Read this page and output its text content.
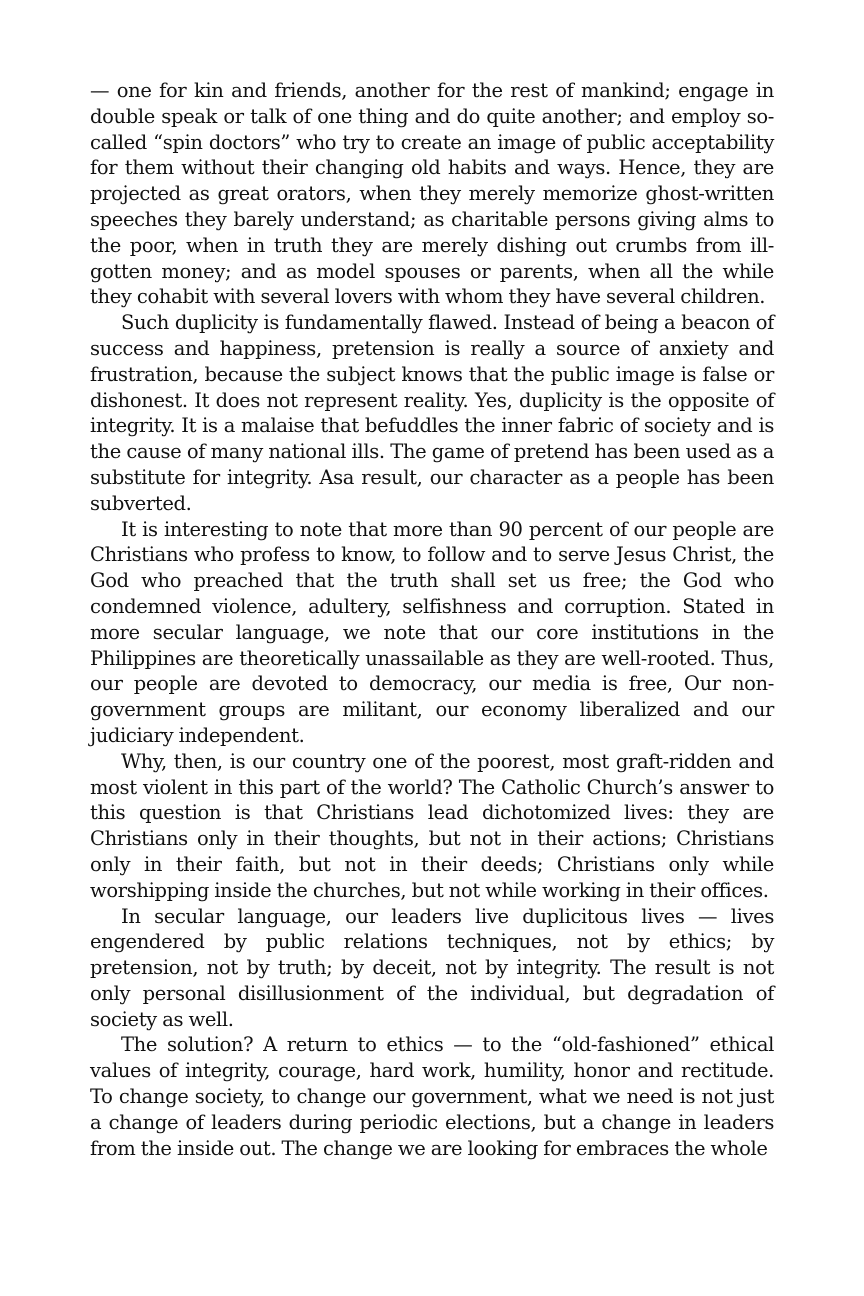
— one for kin and friends, another for the rest of mankind; engage in double speak or talk of one thing and do quite another; and employ so-called “spin doctors” who try to create an image of public acceptability for them without their changing old habits and ways. Hence, they are projected as great orators, when they merely memorize ghost-written speeches they barely understand; as charitable persons giving alms to the poor, when in truth they are merely dishing out crumbs from ill-gotten money; and as model spouses or parents, when all the while they cohabit with several lovers with whom they have several children.

Such duplicity is fundamentally flawed. Instead of being a beacon of success and happiness, pretension is really a source of anxiety and frustration, because the subject knows that the public image is false or dishonest. It does not represent reality. Yes, duplicity is the opposite of integrity. It is a malaise that befuddles the inner fabric of society and is the cause of many national ills. The game of pretend has been used as a substitute for integrity. Asa result, our character as a people has been subverted.

It is interesting to note that more than 90 percent of our people are Christians who profess to know, to follow and to serve Jesus Christ, the God who preached that the truth shall set us free; the God who condemned violence, adultery, selfishness and corruption. Stated in more secular language, we note that our core institutions in the Philippines are theoretically unassailable as they are well-rooted. Thus, our people are devoted to democracy, our media is free, Our non-government groups are militant, our economy liberalized and our judiciary independent.

Why, then, is our country one of the poorest, most graft-ridden and most violent in this part of the world? The Catholic Church’s answer to this question is that Christians lead dichotomized lives: they are Christians only in their thoughts, but not in their actions; Christians only in their faith, but not in their deeds; Christians only while worshipping inside the churches, but not while working in their offices.

In secular language, our leaders live duplicitous lives — lives engendered by public relations techniques, not by ethics; by pretension, not by truth; by deceit, not by integrity. The result is not only personal disillusionment of the individual, but degradation of society as well.

The solution? A return to ethics — to the “old-fashioned” ethical values of integrity, courage, hard work, humility, honor and rectitude. To change society, to change our government, what we need is not just a change of leaders during periodic elections, but a change in leaders from the inside out. The change we are looking for embraces the whole
